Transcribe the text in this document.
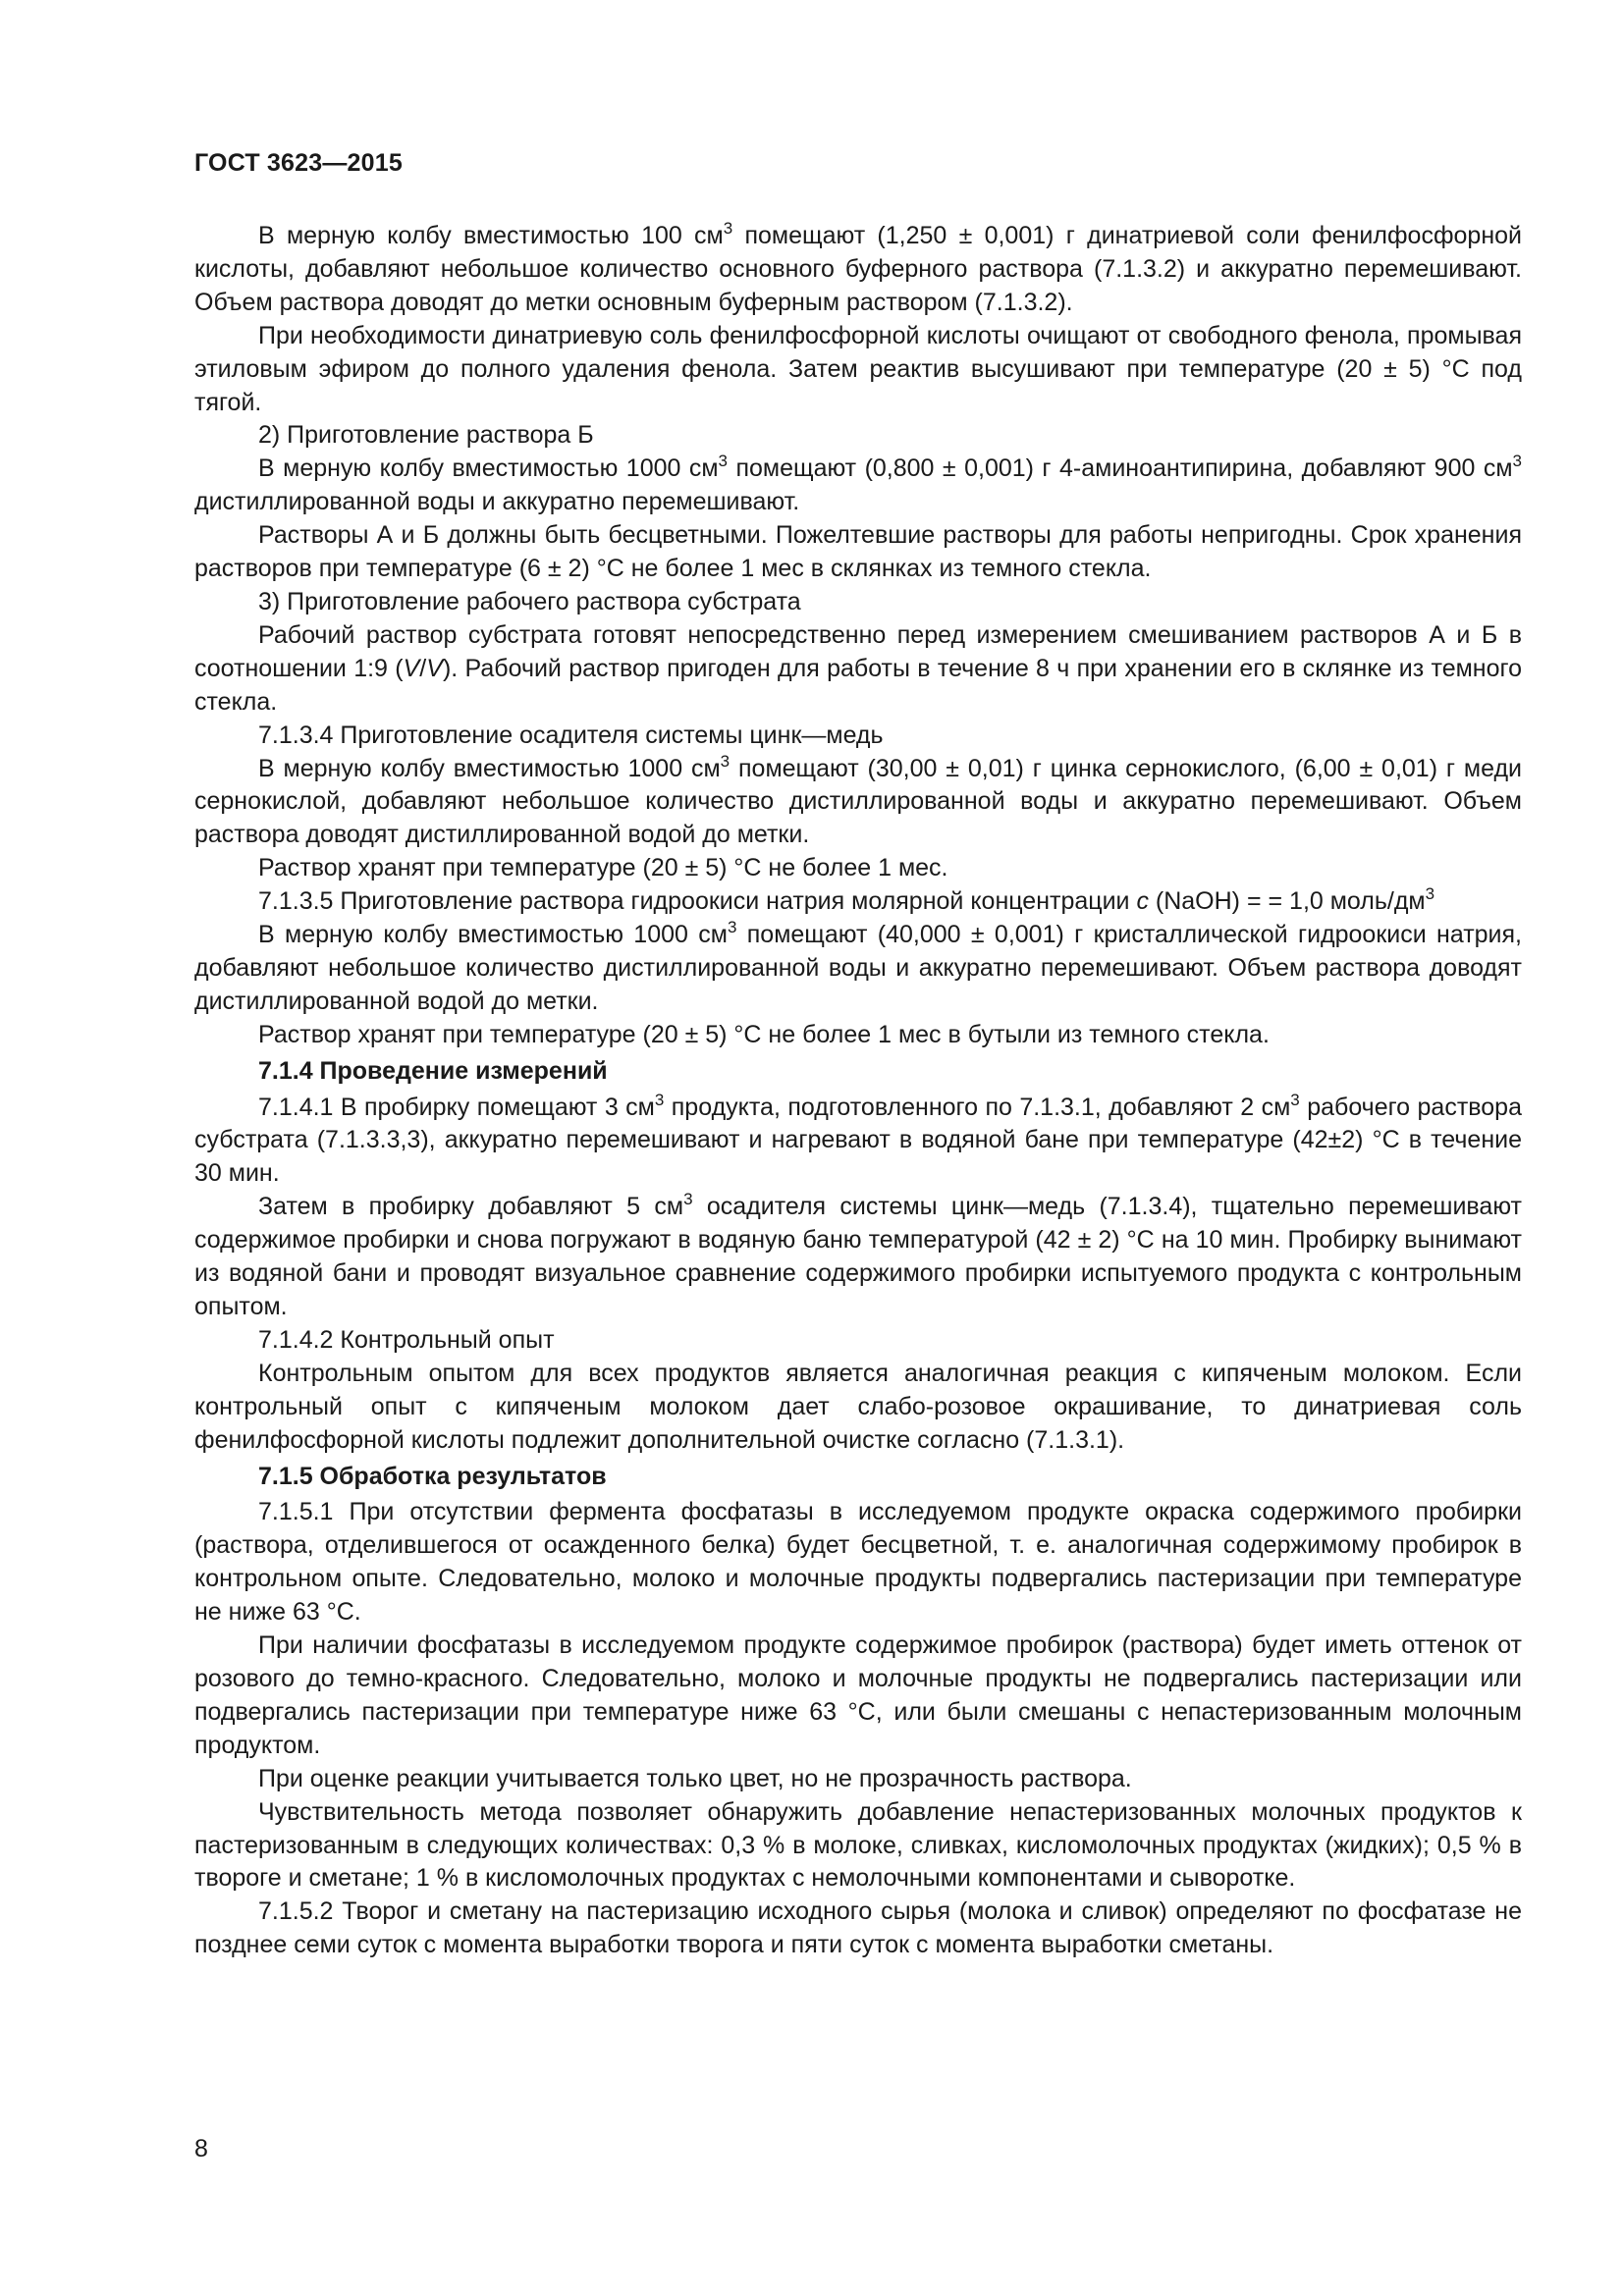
ГОСТ 3623—2015

В мерную колбу вместимостью 100 $см^3$ помещают (1,250 ± 0,001) г динатриевой соли фенилфосфорной кислоты, добавляют небольшое количество основного буферного раствора (7.1.3.2) и аккуратно перемешивают. Объем раствора доводят до метки основным буферным раствором (7.1.3.2).

При необходимости динатриевую соль фенилфосфорной кислоты очищают от свободного фенола, промывая этиловым эфиром до полного удаления фенола. Затем реактив высушивают при температуре (20 ± 5) °С под тягой.

2) Приготовление раствора Б

В мерную колбу вместимостью 1000 $см^3$ помещают (0,800 ± 0,001) г 4-аминоантипирина, добавляют 900 $см^3$ дистиллированной воды и аккуратно перемешивают.

Растворы А и Б должны быть бесцветными. Пожелтевшие растворы для работы непригодны. Срок хранения растворов при температуре (6 ± 2) °С не более 1 мес в склянках из темного стекла.

3) Приготовление рабочего раствора субстрата

Рабочий раствор субстрата готовят непосредственно перед измерением смешиванием растворов А и Б в соотношении 1:9 (V/V). Рабочий раствор пригоден для работы в течение 8 ч при хранении его в склянке из темного стекла.

7.1.3.4 Приготовление осадителя системы цинк—медь

В мерную колбу вместимостью 1000 $см^3$ помещают (30,00 ± 0,01) г цинка сернокислого, (6,00 ± 0,01) г меди сернокислой, добавляют небольшое количество дистиллированной воды и аккуратно перемешивают. Объем раствора доводят дистиллированной водой до метки.

Раствор хранят при температуре (20 ± 5) °С не более 1 мес.

7.1.3.5 Приготовление раствора гидроокиси натрия молярной концентрации c (NaOH) = = 1,0 моль/$дм^3$

В мерную колбу вместимостью 1000 $см^3$ помещают (40,000 ± 0,001) г кристаллической гидроокиси натрия, добавляют небольшое количество дистиллированной воды и аккуратно перемешивают. Объем раствора доводят дистиллированной водой до метки.

Раствор хранят при температуре (20 ± 5) °С не более 1 мес в бутыли из темного стекла.

7.1.4 Проведение измерений

7.1.4.1 В пробирку помещают 3 $см^3$ продукта, подготовленного по 7.1.3.1, добавляют 2 $см^3$ рабочего раствора субстрата (7.1.3.3,3), аккуратно перемешивают и нагревают в водяной бане при температуре (42±2) °С в течение 30 мин.

Затем в пробирку добавляют 5 $см^3$ осадителя системы цинк—медь (7.1.3.4), тщательно перемешивают содержимое пробирки и снова погружают в водяную баню температурой (42 ± 2) °С на 10 мин. Пробирку вынимают из водяной бани и проводят визуальное сравнение содержимого пробирки испытуемого продукта с контрольным опытом.

7.1.4.2 Контрольный опыт

Контрольным опытом для всех продуктов является аналогичная реакция с кипяченым молоком. Если контрольный опыт с кипяченым молоком дает слабо-розовое окрашивание, то динатриевая соль фенилфосфорной кислоты подлежит дополнительной очистке согласно (7.1.3.1).

7.1.5 Обработка результатов

7.1.5.1 При отсутствии фермента фосфатазы в исследуемом продукте окраска содержимого пробирки (раствора, отделившегося от осажденного белка) будет бесцветной, т. е. аналогичная содержимому пробирок в контрольном опыте. Следовательно, молоко и молочные продукты подвергались пастеризации при температуре не ниже 63 °С.

При наличии фосфатазы в исследуемом продукте содержимое пробирок (раствора) будет иметь оттенок от розового до темно-красного. Следовательно, молоко и молочные продукты не подвергались пастеризации или подвергались пастеризации при температуре ниже 63 °С, или были смешаны с непастеризованным молочным продуктом.

При оценке реакции учитывается только цвет, но не прозрачность раствора.

Чувствительность метода позволяет обнаружить добавление непастеризованных молочных продуктов к пастеризованным в следующих количествах: 0,3 % в молоке, сливках, кисломолочных продуктах (жидких); 0,5 % в твороге и сметане; 1 % в кисломолочных продуктах с немолочными компонентами и сыворотке.

7.1.5.2 Творог и сметану на пастеризацию исходного сырья (молока и сливок) определяют по фосфатазе не позднее семи суток с момента выработки творога и пяти суток с момента выработки сметаны.

8
